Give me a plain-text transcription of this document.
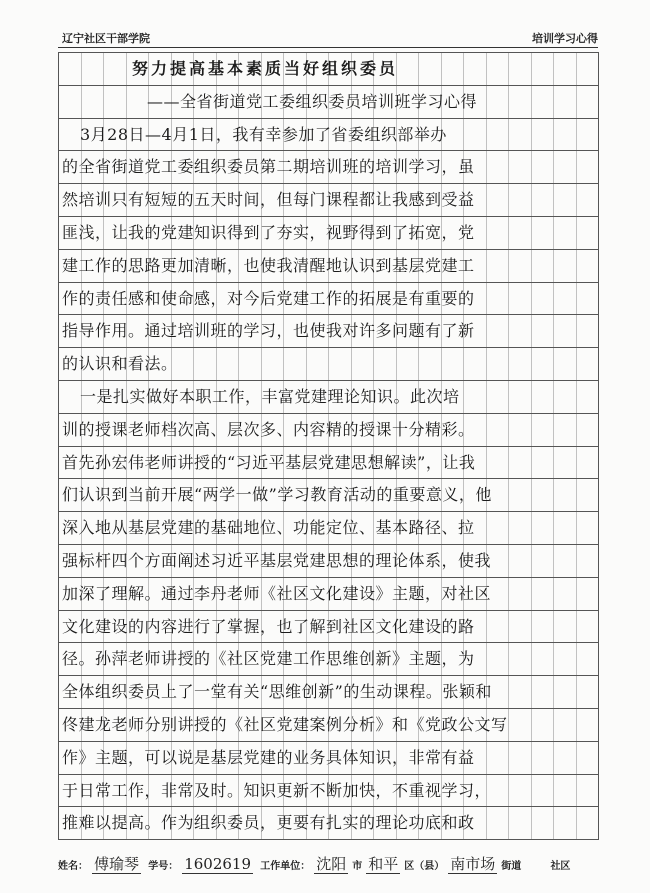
辽宁社区干部学院	培训学习心得
努力提高基本素质当好组织委员
——全省街道党工委组织委员培训班学习心得
3月28日—4月1日，我有幸参加了省委组织部举办
的全省街道党工委组织委员第二期培训班的培训学习，虽
然培训只有短短的五天时间，但每门课程都让我感到受益
匪浅，让我的党建知识得到了夯实，视野得到了拓宽，党
建工作的思路更加清晰，也使我清醒地认识到基层党建工
作的责任感和使命感，对今后党建工作的拓展是有重要的
指导作用。通过培训班的学习，也使我对许多问题有了新
的认识和看法。
一是扎实做好本职工作，丰富党建理论知识。此次培
训的授课老师档次高、层次多、内容精的授课十分精彩。
首先孙宏伟老师讲授的“习近平基层党建思想解读”，让我
们认识到当前开展“两学一做”学习教育活动的重要意义，他
深入地从基层党建的基础地位、功能定位、基本路径、拉
强标杆四个方面阐述习近平基层党建思想的理论体系，使我
加深了理解。通过李丹老师《社区文化建设》主题，对社区
文化建设的内容进行了掌握，也了解到社区文化建设的路
径。孙萍老师讲授的《社区党建工作思维创新》主题，为
全体组织委员上了一堂有关“思维创新”的生动课程。张颖和
佟建龙老师分别讲授的《社区党建案例分析》和《党政公文写
作》主题，可以说是基层党建的业务具体知识，非常有益
于日常工作，非常及时。知识更新不断加快，不重视学习，
推难以提高。作为组织委员，更要有扎实的理论功底和政
姓名： 傅瑜琴 学号： 1602619 工作单位： 沈阳 市 和平 区（县） 南市场 街道	社区
